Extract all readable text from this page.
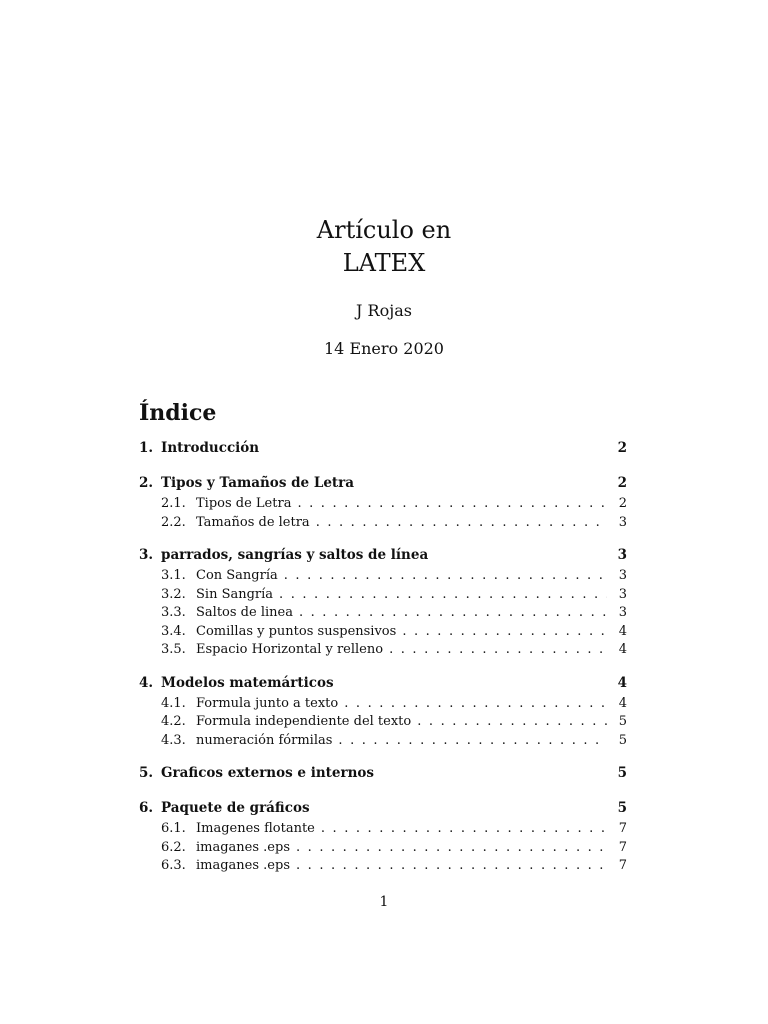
Artículo en
LATEX
J Rojas
14 Enero 2020
Índice
1. Introducción	2
2. Tipos y Tamaños de Letra	2
2.1. Tipos de Letra . . .	2
2.2. Tamaños de letra . . .	3
3. parrados, sangrías y saltos de línea	3
3.1. Con Sangría . . .	3
3.2. Sin Sangría . . .	3
3.3. Saltos de linea . . .	3
3.4. Comillas y puntos suspensivos . . .	4
3.5. Espacio Horizontal y relleno . . .	4
4. Modelos matemárticos	4
4.1. Formula junto a texto . . .	4
4.2. Formula independiente del texto . . .	5
4.3. numeración fórmilas . . .	5
5. Graficos externos e internos	5
6. Paquete de gráficos	5
6.1. Imagenes flotante . . .	7
6.2. imaganes .eps . . .	7
6.3. imaganes .eps . . .	7
1
